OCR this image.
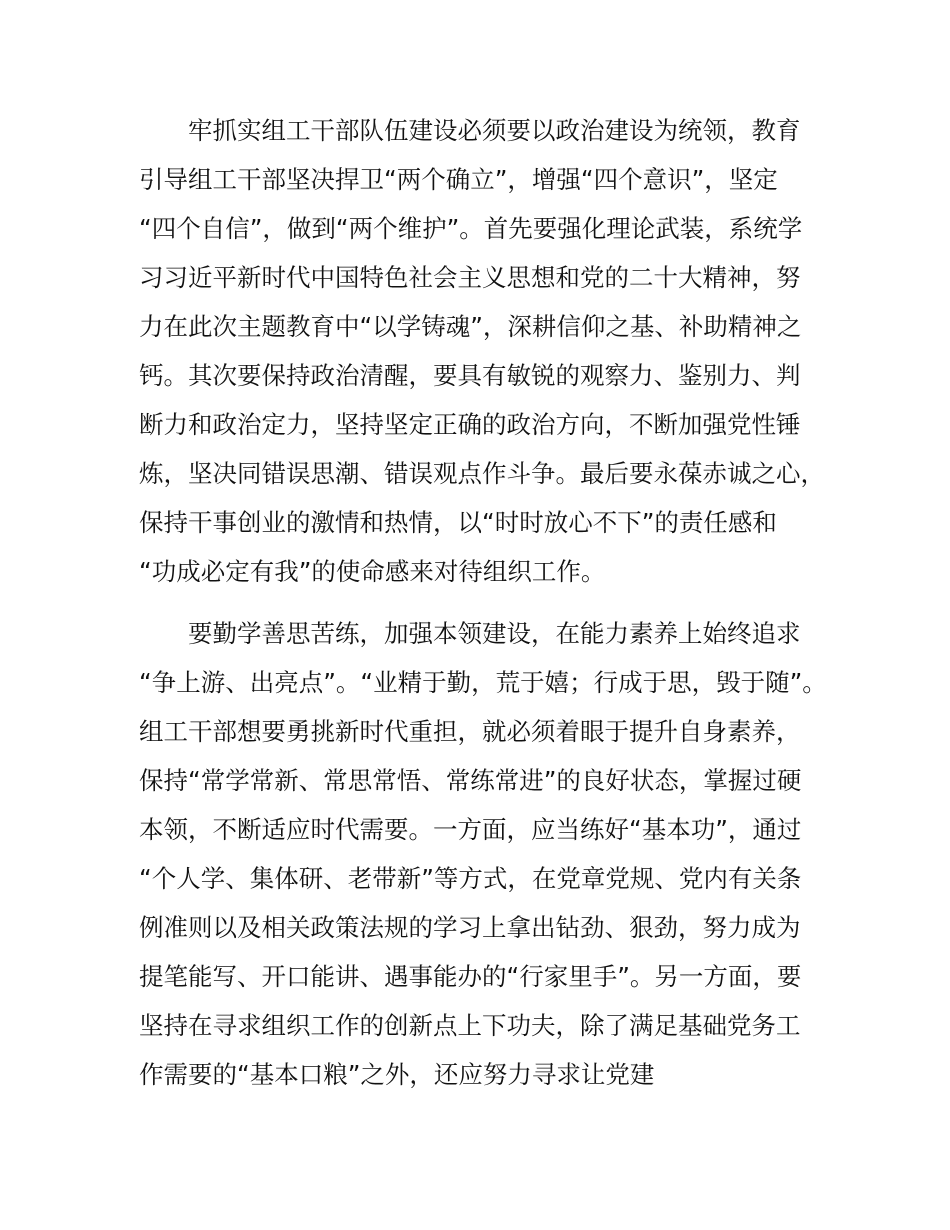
牢抓实组工干部队伍建设必须要以政治建设为统领，教育
引导组工干部坚决捍卫“两个确立”，增强“四个意识”，坚定
“四个自信”，做到“两个维护”。首先要强化理论武装，系统学
习习近平新时代中国特色社会主义思想和党的二十大精神，努
力在此次主题教育中“以学铸魂”，深耕信仰之基、补助精神之
钙。其次要保持政治清醒，要具有敏锐的观察力、鉴别力、判
断力和政治定力，坚持坚定正确的政治方向，不断加强党性锤
炼，坚决同错误思潮、错误观点作斗争。最后要永葆赤诚之心，
保持干事创业的激情和热情，以“时时放心不下”的责任感和
“功成必定有我”的使命感来对待组织工作。
要勤学善思苦练，加强本领建设，在能力素养上始终追求
“争上游、出亮点”。“业精于勤，荒于嬉；行成于思，毁于随”。
组工干部想要勇挑新时代重担，就必须着眼于提升自身素养，
保持“常学常新、常思常悟、常练常进”的良好状态，掌握过硬
本领，不断适应时代需要。一方面，应当练好“基本功”，通过
“个人学、集体研、老带新”等方式，在党章党规、党内有关条
例准则以及相关政策法规的学习上拿出钻劲、狠劲，努力成为
提笔能写、开口能讲、遇事能办的“行家里手”。另一方面，要
坚持在寻求组织工作的创新点上下功夫，除了满足基础党务工
作需要的“基本口粮”之外，还应努力寻求让党建
